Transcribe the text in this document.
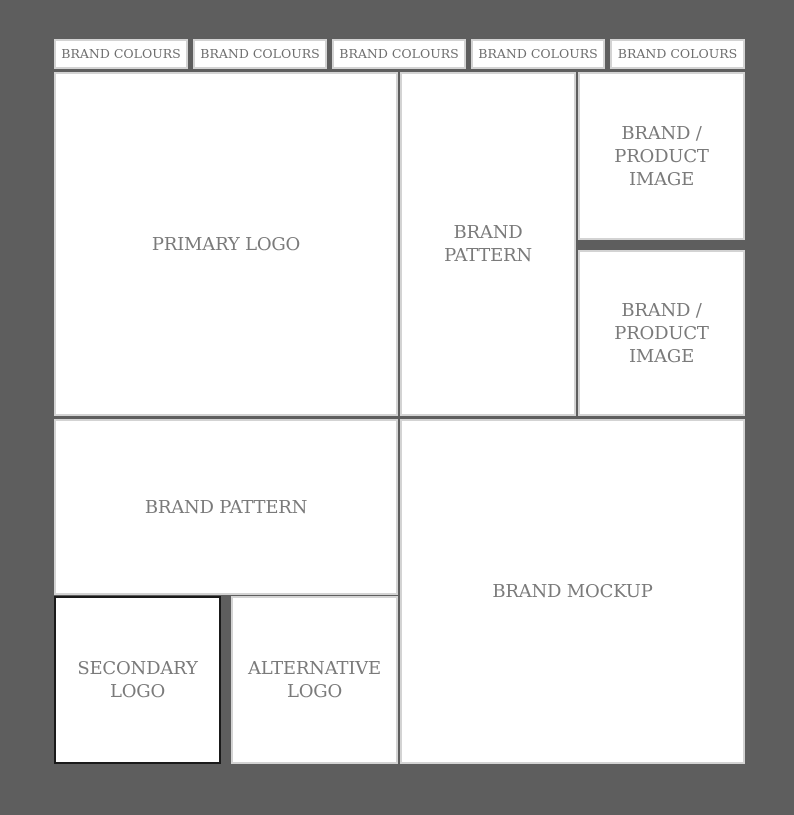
BRAND COLOURS	BRAND COLOURS	BRAND COLOURS	BRAND COLOURS	BRAND COLOURS
PRIMARY LOGO
BRAND
PATTERN
BRAND /
PRODUCT
IMAGE
BRAND /
PRODUCT
IMAGE
BRAND PATTERN
BRAND MOCKUP
SECONDARY
LOGO
ALTERNATIVE
LOGO
